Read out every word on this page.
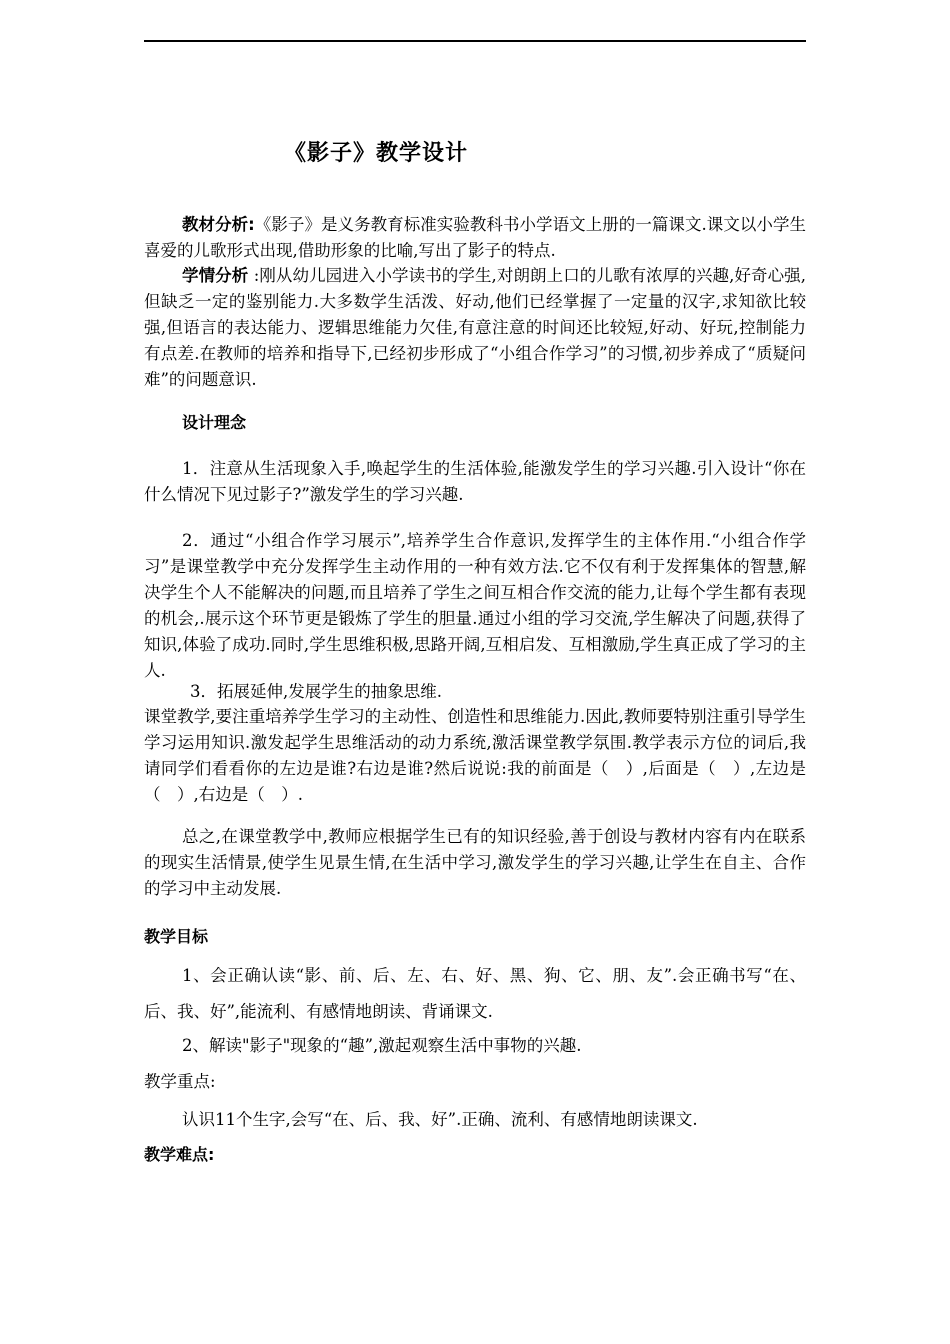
《影子》教学设计
教材分析:《影子》是义务教育标准实验教科书小学语文上册的一篇课文.课文以小学生喜爱的儿歌形式出现,借助形象的比喻,写出了影子的特点.
学情分析 :刚从幼儿园进入小学读书的学生,对朗朗上口的儿歌有浓厚的兴趣,好奇心强,但缺乏一定的鉴别能力.大多数学生活泼、好动,他们已经掌握了一定量的汉字,求知欲比较强,但语言的表达能力、逻辑思维能力欠佳,有意注意的时间还比较短,好动、好玩,控制能力有点差.在教师的培养和指导下,已经初步形成了“小组合作学习”的习惯,初步养成了“质疑问难”的问题意识.
设计理念
1．注意从生活现象入手,唤起学生的生活体验,能激发学生的学习兴趣.引入设计“你在什么情况下见过影子?”激发学生的学习兴趣.
2．通过“小组合作学习展示”,培养学生合作意识,发挥学生的主体作用.“小组合作学习”是课堂教学中充分发挥学生主动作用的一种有效方法.它不仅有利于发挥集体的智慧,解决学生个人不能解决的问题,而且培养了学生之间互相合作交流的能力,让每个学生都有表现的机会,.展示这个环节更是锻炼了学生的胆量.通过小组的学习交流,学生解决了问题,获得了知识,体验了成功.同时,学生思维积极,思路开阔,互相启发、互相激励,学生真正成了学习的主人.
3．拓展延伸,发展学生的抽象思维.
课堂教学,要注重培养学生学习的主动性、创造性和思维能力.因此,教师要特别注重引导学生学习运用知识.激发起学生思维活动的动力系统,激活课堂教学氛围.教学表示方位的词后,我请同学们看看你的左边是谁?右边是谁?然后说说:我的前面是（　）,后面是（　）,左边是（　）,右边是（　）.
总之,在课堂教学中,教师应根据学生已有的知识经验,善于创设与教材内容有内在联系的现实生活情景,使学生见景生情,在生活中学习,激发学生的学习兴趣,让学生在自主、合作的学习中主动发展.
教学目标
1、会正确认读“影、前、后、左、右、好、黑、狗、它、朋、友”.会正确书写“在、后、我、好”,能流利、有感情地朗读、背诵课文.
2、解读"影子"现象的“趣”,激起观察生活中事物的兴趣.
教学重点:
认识11个生字,会写“在、后、我、好”.正确、流利、有感情地朗读课文.
教学难点:
